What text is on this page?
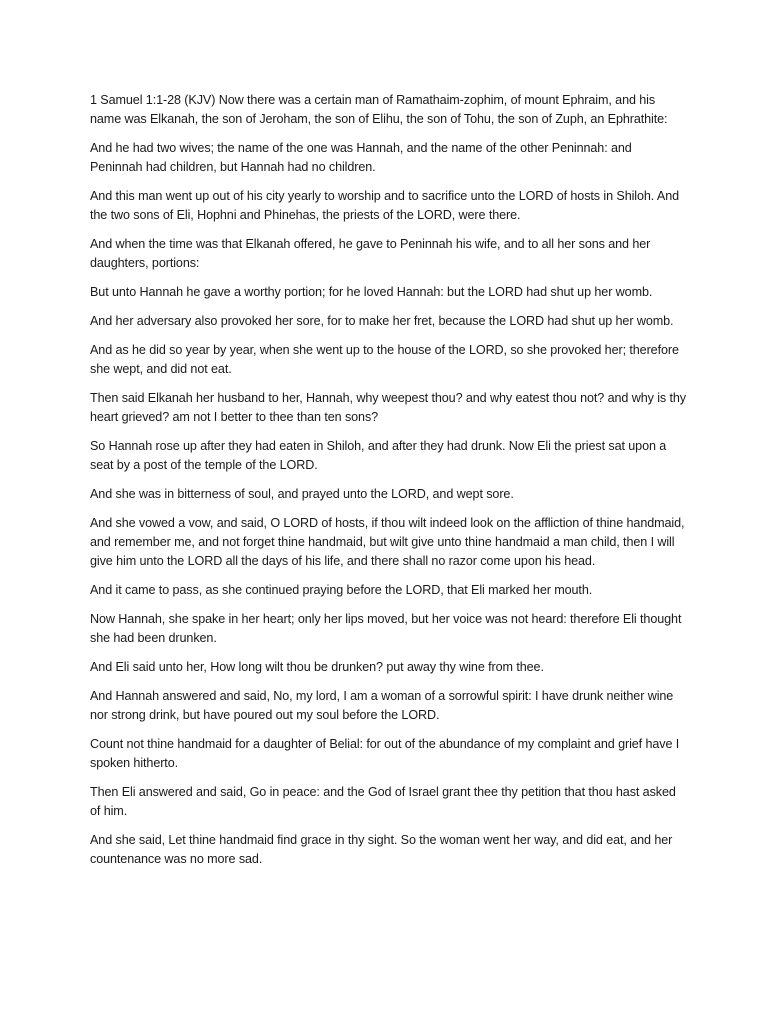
1 Samuel 1:1-28 (KJV) Now there was a certain man of Ramathaim-zophim, of mount Ephraim, and his name was Elkanah, the son of Jeroham, the son of Elihu, the son of Tohu, the son of Zuph, an Ephrathite:

And he had two wives; the name of the one was Hannah, and the name of the other Peninnah: and Peninnah had children, but Hannah had no children.

And this man went up out of his city yearly to worship and to sacrifice unto the LORD of hosts in Shiloh. And the two sons of Eli, Hophni and Phinehas, the priests of the LORD, were there.

And when the time was that Elkanah offered, he gave to Peninnah his wife, and to all her sons and her daughters, portions:

But unto Hannah he gave a worthy portion; for he loved Hannah: but the LORD had shut up her womb.

And her adversary also provoked her sore, for to make her fret, because the LORD had shut up her womb.

And as he did so year by year, when she went up to the house of the LORD, so she provoked her; therefore she wept, and did not eat.

Then said Elkanah her husband to her, Hannah, why weepest thou? and why eatest thou not? and why is thy heart grieved? am not I better to thee than ten sons?

So Hannah rose up after they had eaten in Shiloh, and after they had drunk. Now Eli the priest sat upon a seat by a post of the temple of the LORD.

And she was in bitterness of soul, and prayed unto the LORD, and wept sore.

And she vowed a vow, and said, O LORD of hosts, if thou wilt indeed look on the affliction of thine handmaid, and remember me, and not forget thine handmaid, but wilt give unto thine handmaid a man child, then I will give him unto the LORD all the days of his life, and there shall no razor come upon his head.

And it came to pass, as she continued praying before the LORD, that Eli marked her mouth.

Now Hannah, she spake in her heart; only her lips moved, but her voice was not heard: therefore Eli thought she had been drunken.

And Eli said unto her, How long wilt thou be drunken? put away thy wine from thee.

And Hannah answered and said, No, my lord, I am a woman of a sorrowful spirit: I have drunk neither wine nor strong drink, but have poured out my soul before the LORD.

Count not thine handmaid for a daughter of Belial: for out of the abundance of my complaint and grief have I spoken hitherto.

Then Eli answered and said, Go in peace: and the God of Israel grant thee thy petition that thou hast asked of him.

And she said, Let thine handmaid find grace in thy sight. So the woman went her way, and did eat, and her countenance was no more sad.
